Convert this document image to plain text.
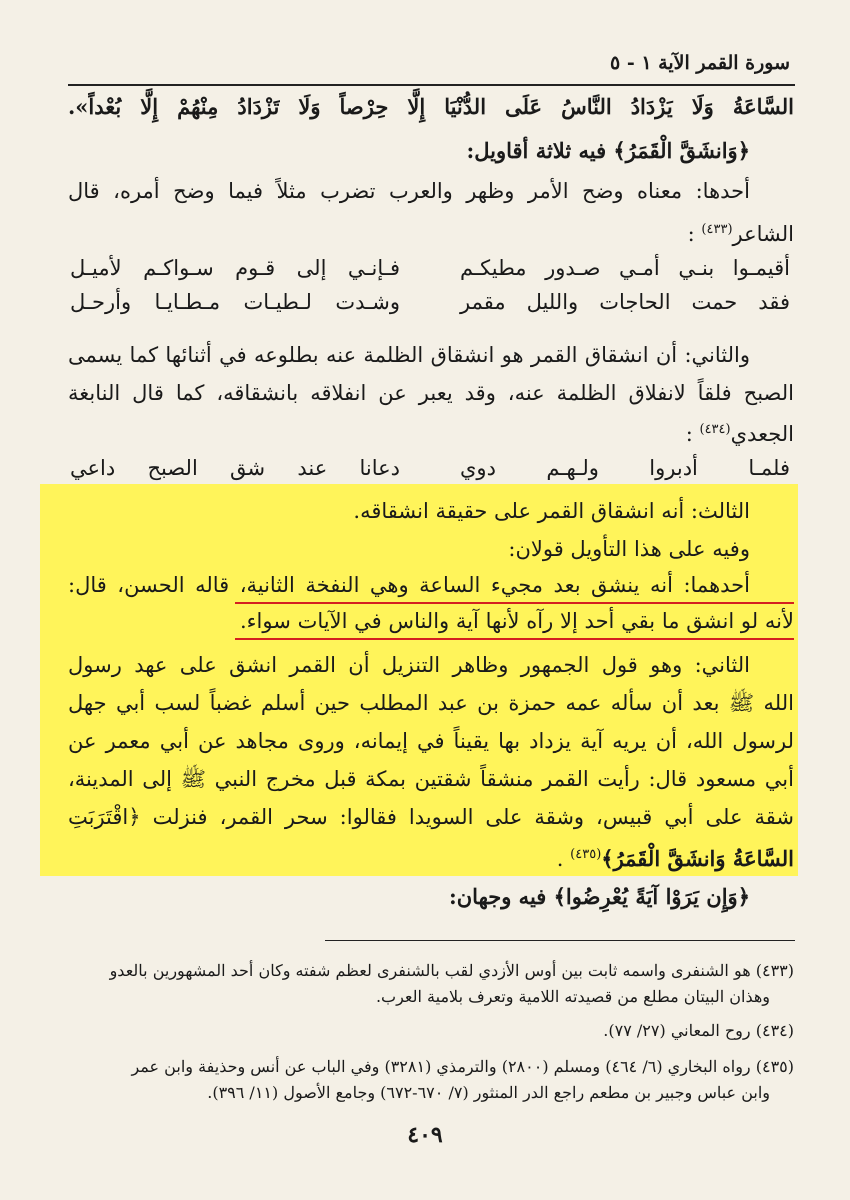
سورة القمر الآية ١ - ٥
السَّاعَةُ وَلَا يَزْدَادُ النَّاسُ عَلَى الدُّنْيَا إِلَّا حِرْصاً وَلَا تَزْدَادُ مِنْهُمْ إِلَّا بُعْداً».
﴿وَانشَقَّ الْقَمَرُ﴾ فيه ثلاثة أقاويل:
أحدها: معناه وضح الأمر وظهر والعرب تضرب مثلاً فيما وضح أمره، قال
الشاعر$^{(٤٣٣)}$ :
أقيمـوا بنـي أمـي صـدور مطيكـم
فـإنـي إلى قـوم سـواكـم لأميـل
فقد حمت الحاجات والليل مقمر
وشـدت لـطيـات مـطـايـا وأرحـل
والثاني: أن انشقاق القمر هو انشقاق الظلمة عنه بطلوعه في أثنائها كما يسمى
الصبح فلقاً لانفلاق الظلمة عنه، وقد يعبر عن انفلاقه بانشقاقه، كما قال النابغة
الجعدي$^{(٤٣٤)}$ :
فلمـا أدبروا ولـهـم دوي
دعانا عند شق الصبح داعي
الثالث: أنه انشقاق القمر على حقيقة انشقاقه.
وفيه على هذا التأويل قولان:
أحدهما: أنه ينشق بعد مجيء الساعة وهي النفخة الثانية، قاله الحسن، قال:
لأنه لو انشق ما بقي أحد إلا رآه لأنها آية والناس في الآيات سواء.
الثاني: وهو قول الجمهور وظاهر التنزيل أن القمر انشق على عهد رسول
الله ﷺ بعد أن سأله عمه حمزة بن عبد المطلب حين أسلم غضباً لسب أبي جهل
لرسول الله، أن يريه آية يزداد بها يقيناً في إيمانه، وروى مجاهد عن أبي معمر عن
أبي مسعود قال: رأيت القمر منشقاً شقتين بمكة قبل مخرج النبي ﷺ إلى المدينة،
شقة على أبي قبيس، وشقة على السويدا فقالوا: سحر القمر، فنزلت ﴿اقْتَرَبَتِ
السَّاعَةُ وَانشَقَّ الْقَمَرُ﴾$^{(٤٣٥)}$ .
﴿وَإِن يَرَوْا آيَةً يُعْرِضُوا﴾ فيه وجهان:
(٤٣٣) هو الشنفرى واسمه ثابت بين أوس الأزدي لقب بالشنفرى لعظم شفته وكان أحد المشهورين بالعدو
وهذان البيتان مطلع من قصيدته اللامية وتعرف بلامية العرب.
(٤٣٤) روح المعاني (٢٧/ ٧٧).
(٤٣٥) رواه البخاري (٦/ ٤٦٤) ومسلم (٢٨٠٠) والترمذي (٣٢٨١) وفي الباب عن أنس وحذيفة وابن عمر
وابن عباس وجبير بن مطعم راجع الدر المنثور (٧/ ٦٧٠-٦٧٢) وجامع الأصول (١١/ ٣٩٦).
٤٠٩
